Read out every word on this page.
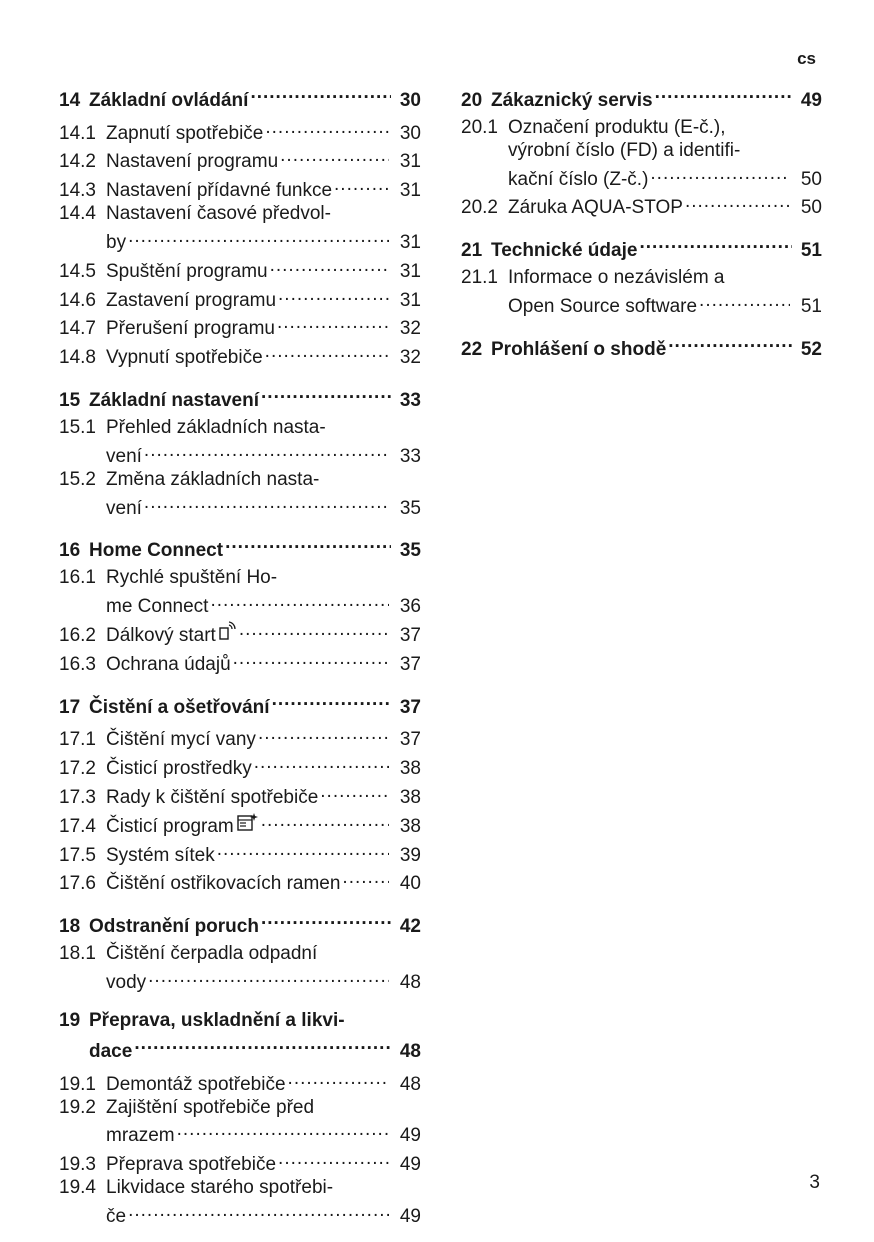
cs
14 Základní ovládání .....	30
14.1 Zapnutí spotřebiče .....	30
14.2 Nastavení programu .....	31
14.3 Nastavení přídavné funkce .....	31
14.4 Nastavení časové předvol-
by .....	31
14.5 Spuštění programu .....	31
14.6 Zastavení programu .....	31
14.7 Přerušení programu .....	32
14.8 Vypnutí spotřebiče .....	32
15 Základní nastavení .....	33
15.1 Přehled základních nasta-
vení .....	33
15.2 Změna základních nasta-
vení .....	35
16 Home Connect .....	35
16.1 Rychlé spuštění Ho-
me Connect .....	36
16.2 Dálkový start .....	37
16.3 Ochrana údajů .....	37
17 Čistění a ošetřování .....	37
17.1 Čištění mycí vany .....	37
17.2 Čisticí prostředky .....	38
17.3 Rady k čištění spotřebiče .....	38
17.4 Čisticí program .....	38
17.5 Systém sítek .....	39
17.6 Čištění ostřikovacích ramen .....	40
18 Odstranění poruch .....	42
18.1 Čištění čerpadla odpadní
vody .....	48
19 Přeprava, uskladnění a likvi-
dace .....	48
19.1 Demontáž spotřebiče .....	48
19.2 Zajištění spotřebiče před
mrazem .....	49
19.3 Přeprava spotřebiče .....	49
19.4 Likvidace starého spotřebi-
če .....	49
20 Zákaznický servis .....	49
20.1 Označení produktu (E-č.),
výrobní číslo (FD) a identifi-
kační číslo (Z-č.) .....	50
20.2 Záruka AQUA-STOP .....	50
21 Technické údaje .....	51
21.1 Informace o nezávislém a
Open Source software .....	51
22 Prohlášení o shodě .....	52
3
